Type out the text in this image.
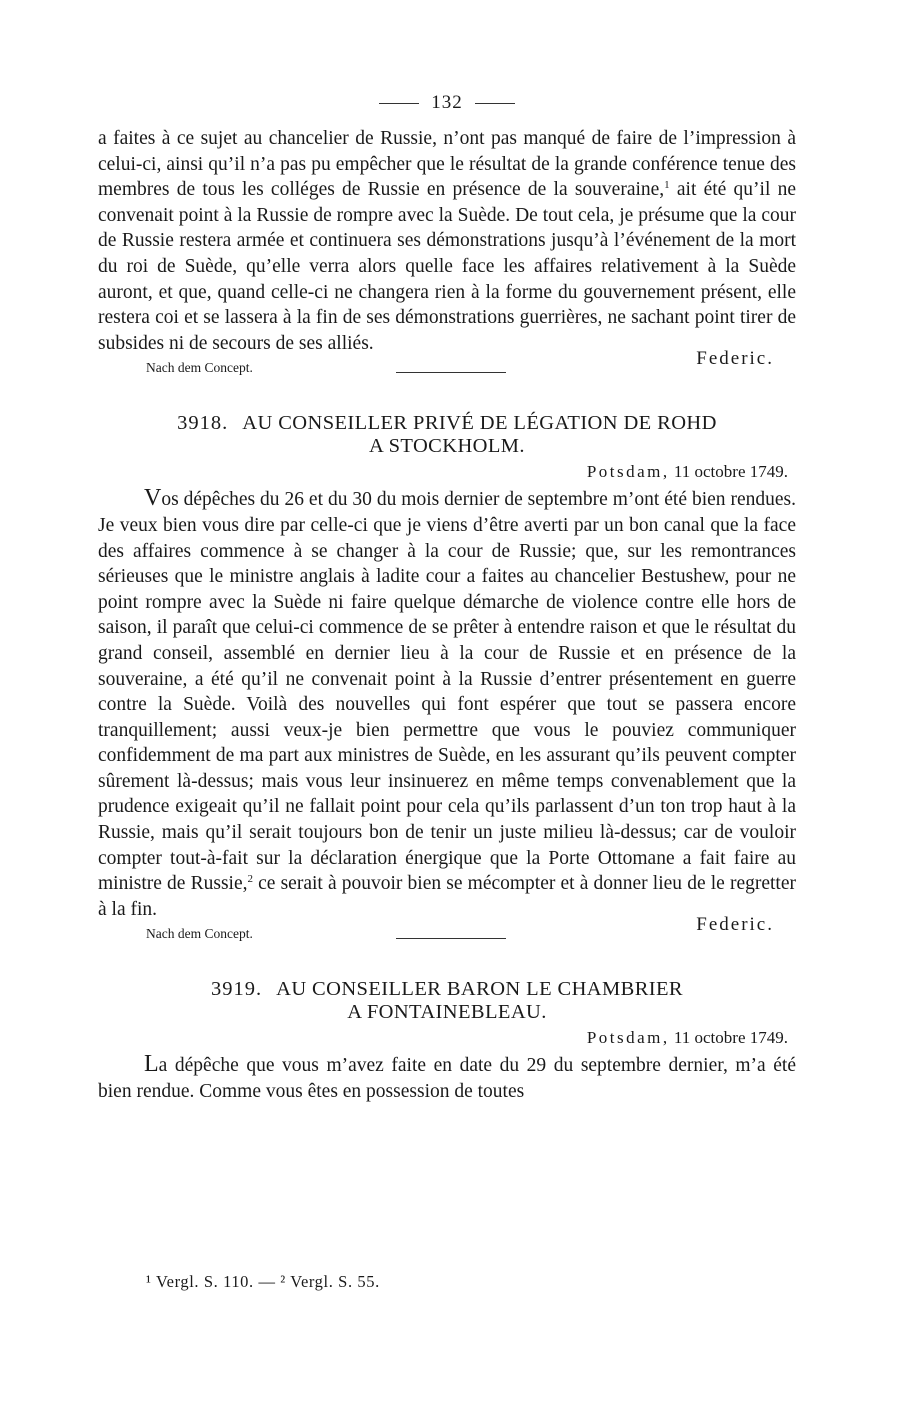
132

a faites à ce sujet au chancelier de Russie, n’ont pas manqué de faire de l’impression à celui-ci, ainsi qu’il n’a pas pu empêcher que le résultat de la grande conférence tenue des membres de tous les colléges de Russie en présence de la souveraine,$^1$ ait été qu’il ne convenait point à la Russie de rompre avec la Suède. De tout cela, je présume que la cour de Russie restera armée et continuera ses démonstrations jusqu’à l’événement de la mort du roi de Suède, qu’elle verra alors quelle face les affaires relativement à la Suède auront, et que, quand celle-ci ne changera rien à la forme du gouvernement présent, elle restera coi et se lassera à la fin de ses démonstrations guerrières, ne sachant point tirer de subsides ni de secours de ses alliés.

Nach dem Concept.	Federic.
3918. AU CONSEILLER PRIVÉ DE LÉGATION DE ROHD
A STOCKHOLM.
Potsdam, 11 octobre 1749.

Vos dépêches du 26 et du 30 du mois dernier de septembre m’ont été bien rendues. Je veux bien vous dire par celle-ci que je viens d’être averti par un bon canal que la face des affaires commence à se changer à la cour de Russie; que, sur les remontrances sérieuses que le ministre anglais à ladite cour a faites au chancelier Bestushew, pour ne point rompre avec la Suède ni faire quelque démarche de violence contre elle hors de saison, il paraît que celui-ci commence de se prêter à entendre raison et que le résultat du grand conseil, assemblé en dernier lieu à la cour de Russie et en présence de la souveraine, a été qu’il ne convenait point à la Russie d’entrer présentement en guerre contre la Suède. Voilà des nouvelles qui font espérer que tout se passera encore tranquillement; aussi veux-je bien permettre que vous le pouviez communiquer confidemment de ma part aux ministres de Suède, en les assurant qu’ils peuvent compter sûrement là-dessus; mais vous leur insinuerez en même temps convenablement que la prudence exigeait qu’il ne fallait point pour cela qu’ils parlassent d’un ton trop haut à la Russie, mais qu’il serait toujours bon de tenir un juste milieu là-dessus; car de vouloir compter tout-à-fait sur la déclaration énergique que la Porte Ottomane a fait faire au ministre de Russie,$^2$ ce serait à pouvoir bien se mécompter et à donner lieu de le regretter à la fin.

Nach dem Concept.	Federic.
3919. AU CONSEILLER BARON LE CHAMBRIER
A FONTAINEBLEAU.
Potsdam, 11 octobre 1749.

La dépêche que vous m’avez faite en date du 29 du septembre dernier, m’a été bien rendue. Comme vous êtes en possession de toutes

¹ Vergl. S. 110. — ² Vergl. S. 55.
